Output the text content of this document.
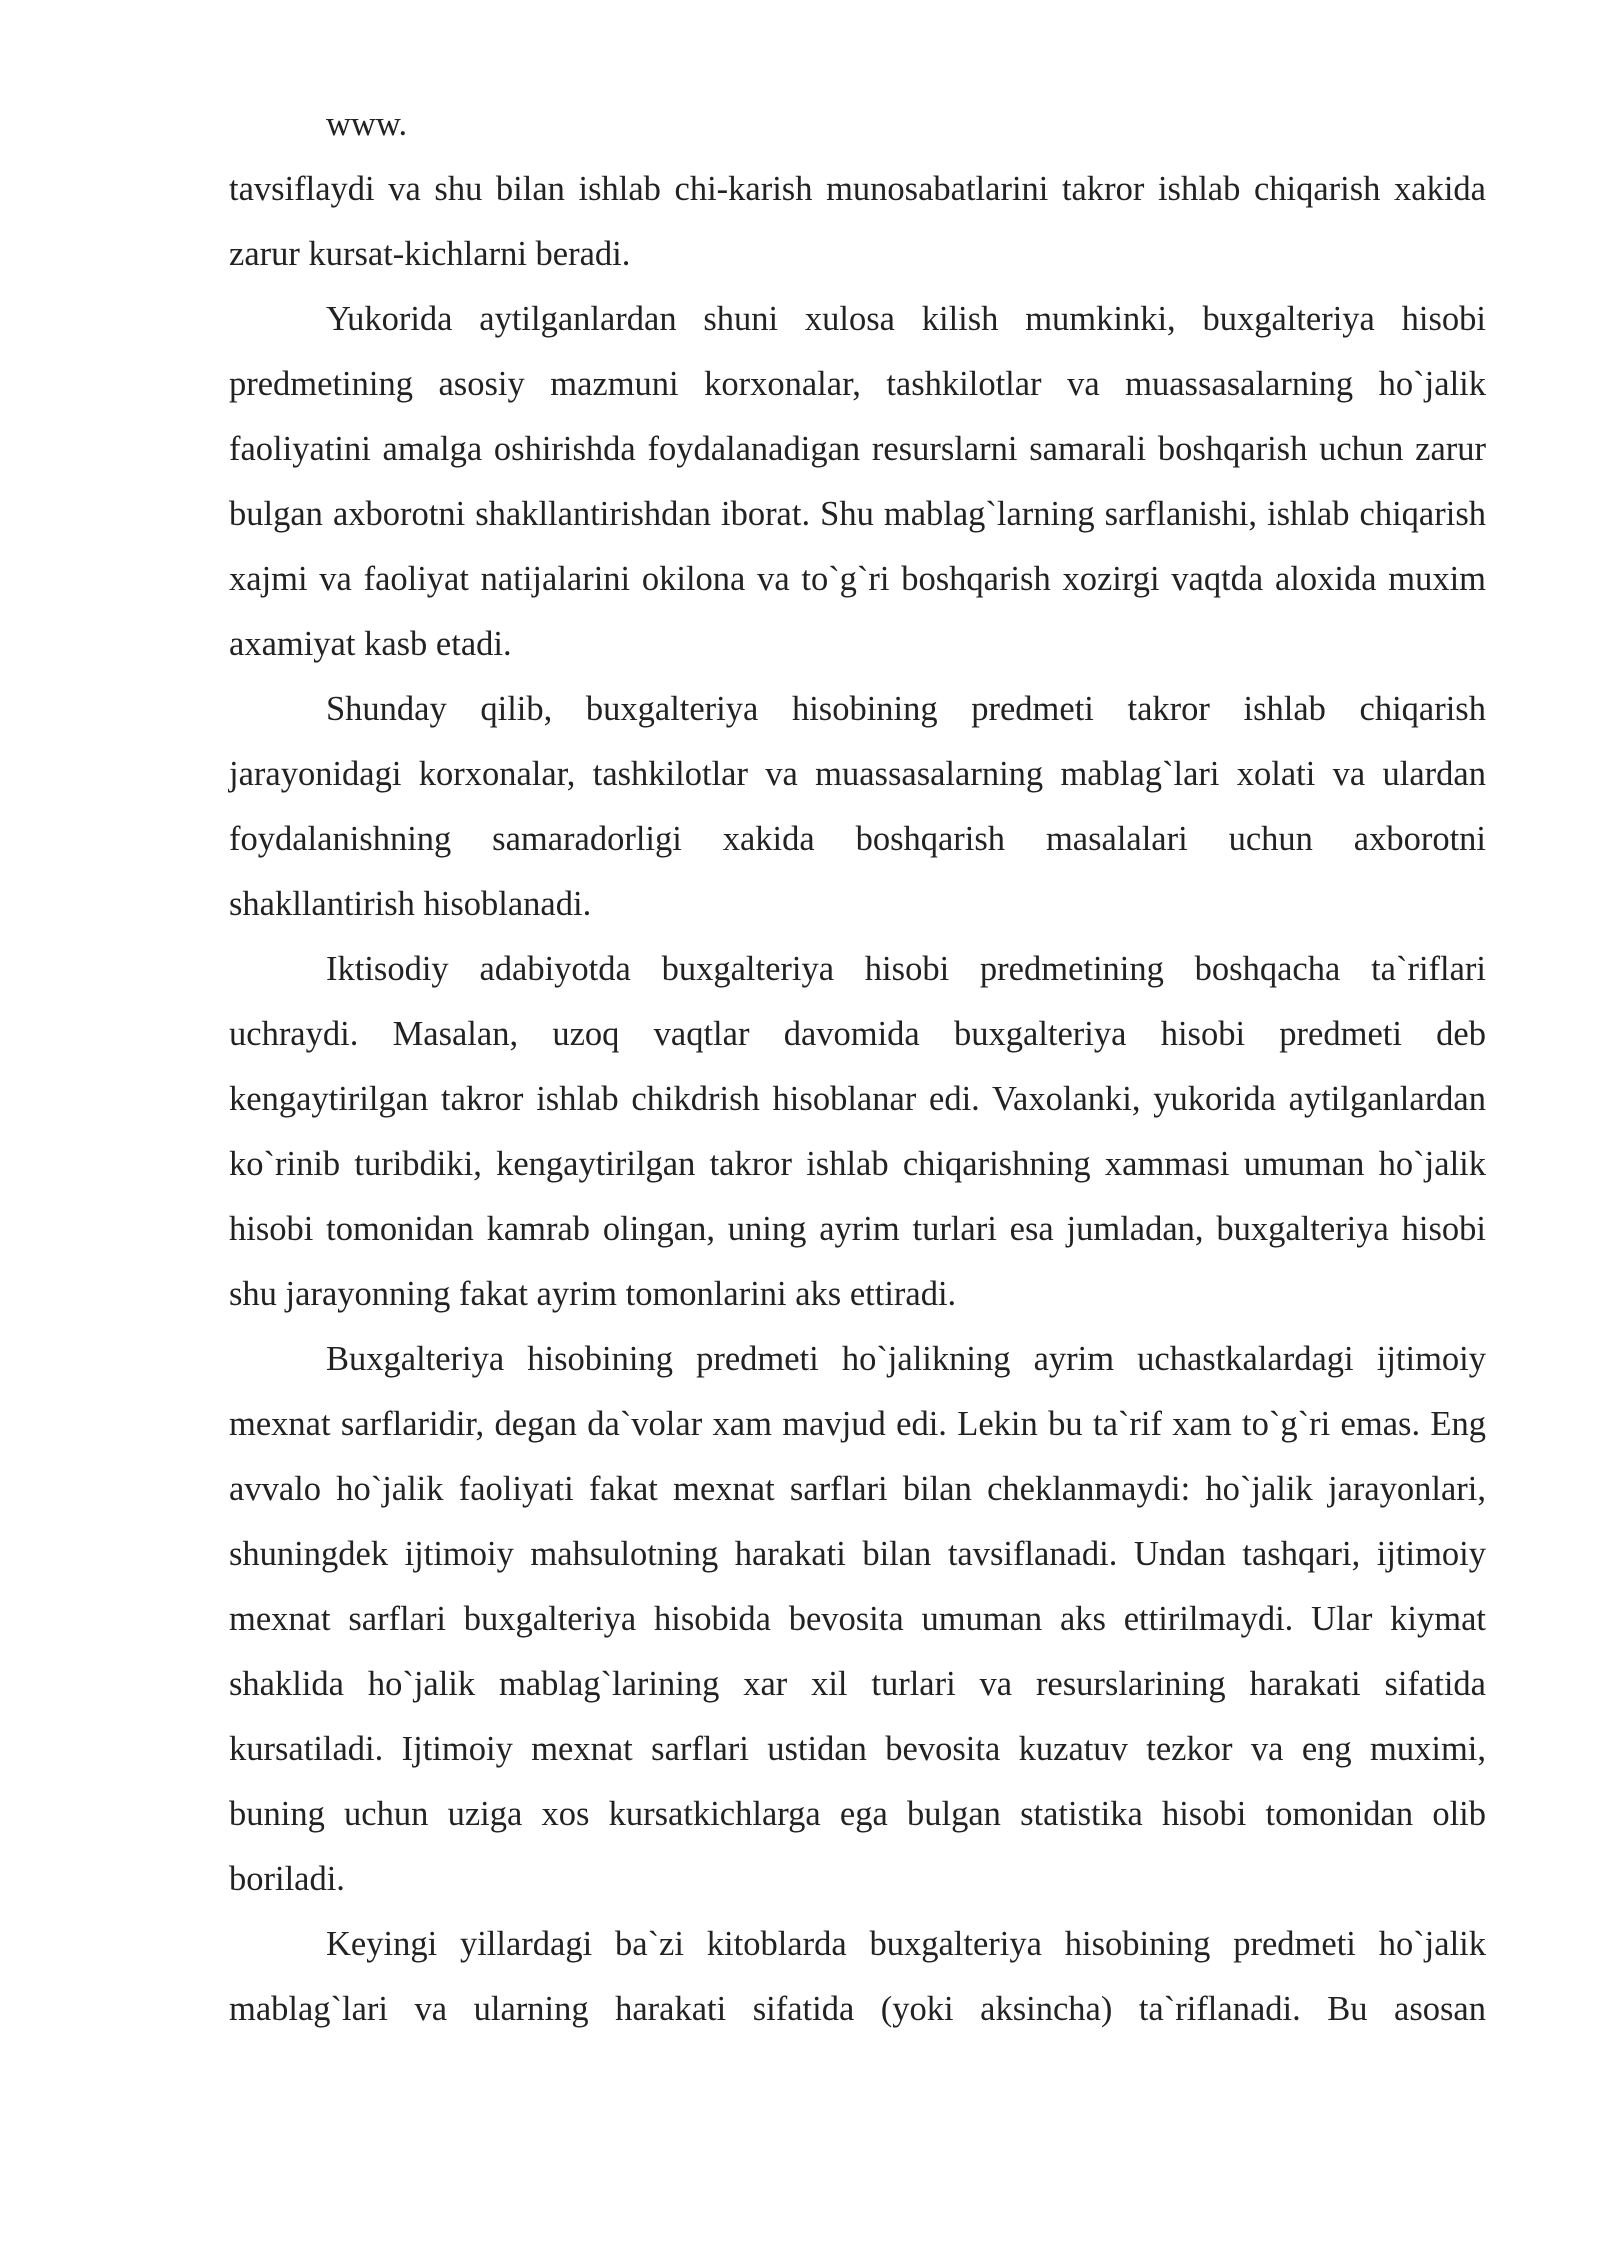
www.

tavsiflaydi va shu bilan ishlab chi-karish munosabatlarini takror ishlab chiqarish xakida zarur kursat-kichlarni beradi.

Yukorida aytilganlardan shuni xulosa kilish mumkinki, buxgalteriya hisobi predmetining asosiy mazmuni korxonalar, tashkilotlar va muassasalarning ho`jalik faoliyatini amalga oshirishda foydalanadigan resurslarni samarali boshqarish uchun zarur bulgan axborotni shakllantirishdan iborat. Shu mablag`larning sarflanishi, ishlab chiqarish xajmi va faoliyat natijalarini okilona va to`g`ri boshqarish xozirgi vaqtda aloxida muxim axamiyat kasb etadi.

Shunday qilib, buxgalteriya hisobining predmeti takror ishlab chiqarish jarayonidagi korxonalar, tashkilotlar va muassasalarning mablag`lari xolati va ulardan foydalanishning samaradorligi xakida boshqarish masalalari uchun axborotni shakllantirish hisoblanadi.

Iktisodiy adabiyotda buxgalteriya hisobi predmetining boshqacha ta`riflari uchraydi. Masalan, uzoq vaqtlar davomida buxgalteriya hisobi predmeti deb kengaytirilgan takror ishlab chikdrish hisoblanar edi. Vaxolanki, yukorida aytilganlardan ko`rinib turibdiki, kengaytirilgan takror ishlab chiqarishning xammasi umuman ho`jalik hisobi tomonidan kamrab olingan, uning ayrim turlari esa jumladan, buxgalteriya hisobi shu jarayonning fakat ayrim tomonlarini aks ettiradi.

Buxgalteriya hisobining predmeti ho`jalikning ayrim uchastkalardagi ijtimoiy mexnat sarflaridir, degan da`volar xam mavjud edi. Lekin bu ta`rif xam to`g`ri emas. Eng avvalo ho`jalik faoliyati fakat mexnat sarflari bilan cheklanmaydi: ho`jalik jarayonlari, shuningdek ijtimoiy mahsulotning harakati bilan tavsiflanadi. Undan tashqari, ijtimoiy mexnat sarflari buxgalteriya hisobida bevosita umuman aks ettirilmaydi. Ular kiymat shaklida ho`jalik mablag`larining xar xil turlari va resurslarining harakati sifatida kursatiladi. Ijtimoiy mexnat sarflari ustidan bevosita kuzatuv tezkor va eng muximi, buning uchun uziga xos kursatkichlarga ega bulgan statistika hisobi tomonidan olib boriladi.

Keyingi yillardagi ba`zi kitoblarda buxgalteriya hisobining predmeti ho`jalik mablag`lari va ularning harakati sifatida (yoki aksincha) ta`riflanadi. Bu asosan
